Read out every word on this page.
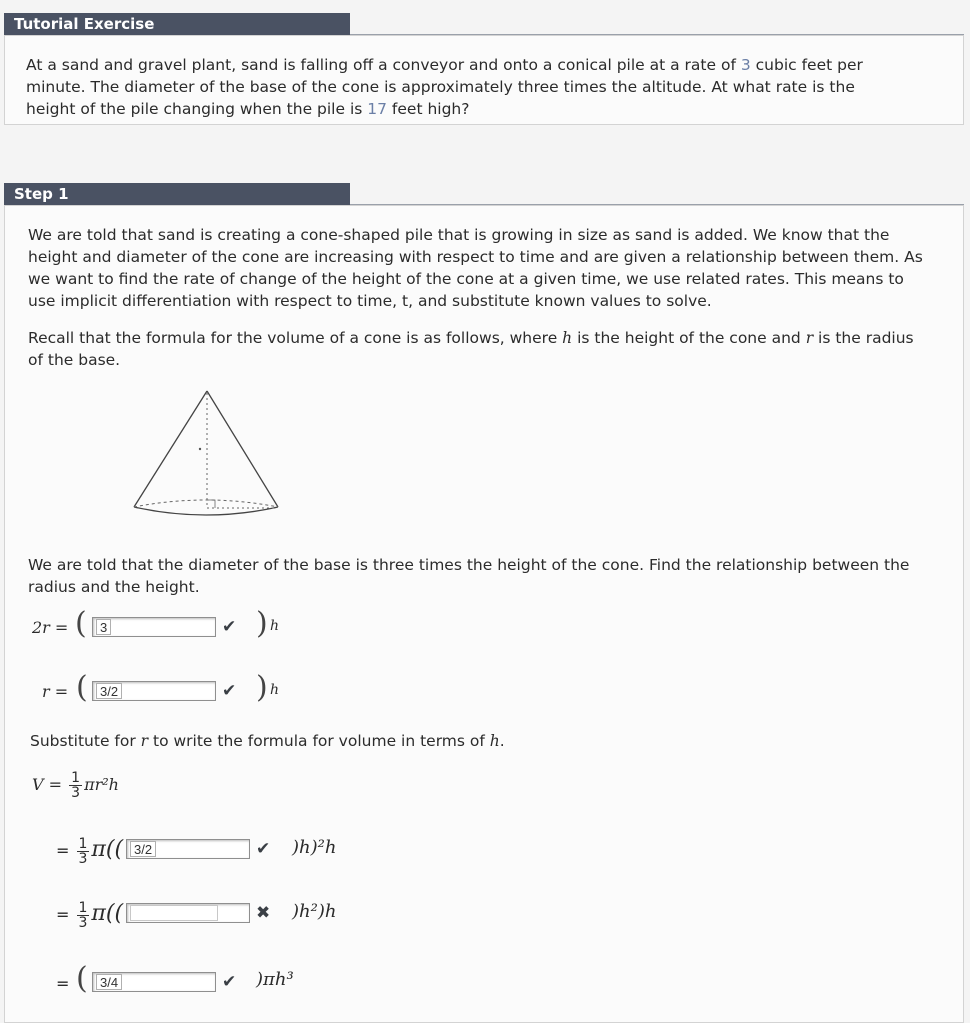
Tutorial Exercise
At a sand and gravel plant, sand is falling off a conveyor and onto a conical pile at a rate of 3 cubic feet per minute. The diameter of the base of the cone is approximately three times the altitude. At what rate is the height of the pile changing when the pile is 17 feet high?
Step 1
We are told that sand is creating a cone-shaped pile that is growing in size as sand is added. We know that the height and diameter of the cone are increasing with respect to time and are given a relationship between them. As we want to find the rate of change of the height of the cone at a given time, we use related rates. This means to use implicit differentiation with respect to time, t, and substitute known values to solve.
Recall that the formula for the volume of a cone is as follows, where h is the height of the cone and r is the radius of the base.
We are told that the diameter of the base is three times the height of the cone. Find the relationship between the radius and the height.
2r = (	3	✔ ) h
r = ( 3/2	✔ ) h
Substitute for r to write the formula for volume in terms of h.
$V = \frac{1}{3} \pi r^2h$
= $\frac{1}{3} \pi$(( 3/2	✔ )h)²h
= $\frac{1}{3} \pi$((	✖ )h²)h
= ( 3/4	✔ )πh³
